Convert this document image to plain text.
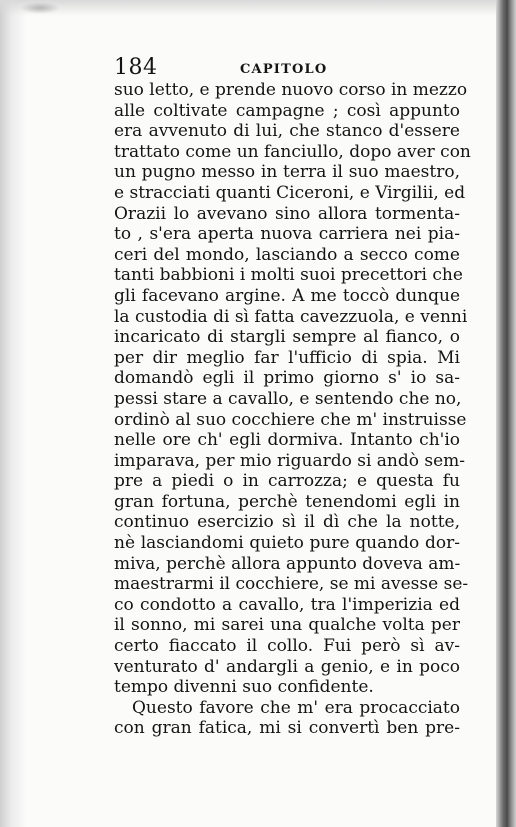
184	CAPITOLO
suo letto, e prende nuovo corso in mezzo
alle coltivate campagne ; così appunto
era avvenuto di lui, che stanco d'essere
trattato come un fanciullo, dopo aver con
un pugno messo in terra il suo maestro,
e stracciati quanti Ciceroni, e Virgilii, ed
Orazii lo avevano sino allora tormenta-
to , s'era aperta nuova carriera nei pia-
ceri del mondo, lasciando a secco come
tanti babbioni i molti suoi precettori che
gli facevano argine. A me toccò dunque
la custodia di sì fatta cavezzuola, e venni
incaricato di stargli sempre al fianco, o
per dir meglio far l'ufficio di spia. Mi
domandò egli il primo giorno s' io sa-
pessi stare a cavallo, e sentendo che no,
ordinò al suo cocchiere che m' instruisse
nelle ore ch' egli dormiva. Intanto ch'io
imparava, per mio riguardo si andò sem-
pre a piedi o in carrozza; e questa fu
gran fortuna, perchè tenendomi egli in
continuo esercizio sì il dì che la notte,
nè lasciandomi quieto pure quando dor-
miva, perchè allora appunto doveva am-
maestrarmi il cocchiere, se mi avesse se-
co condotto a cavallo, tra l'imperizia ed
il sonno, mi sarei una qualche volta per
certo fiaccato il collo. Fui però sì av-
venturato d' andargli a genio, e in poco
tempo divenni suo confidente.
Questo favore che m' era procacciato
con gran fatica, mi si convertì ben pre-
